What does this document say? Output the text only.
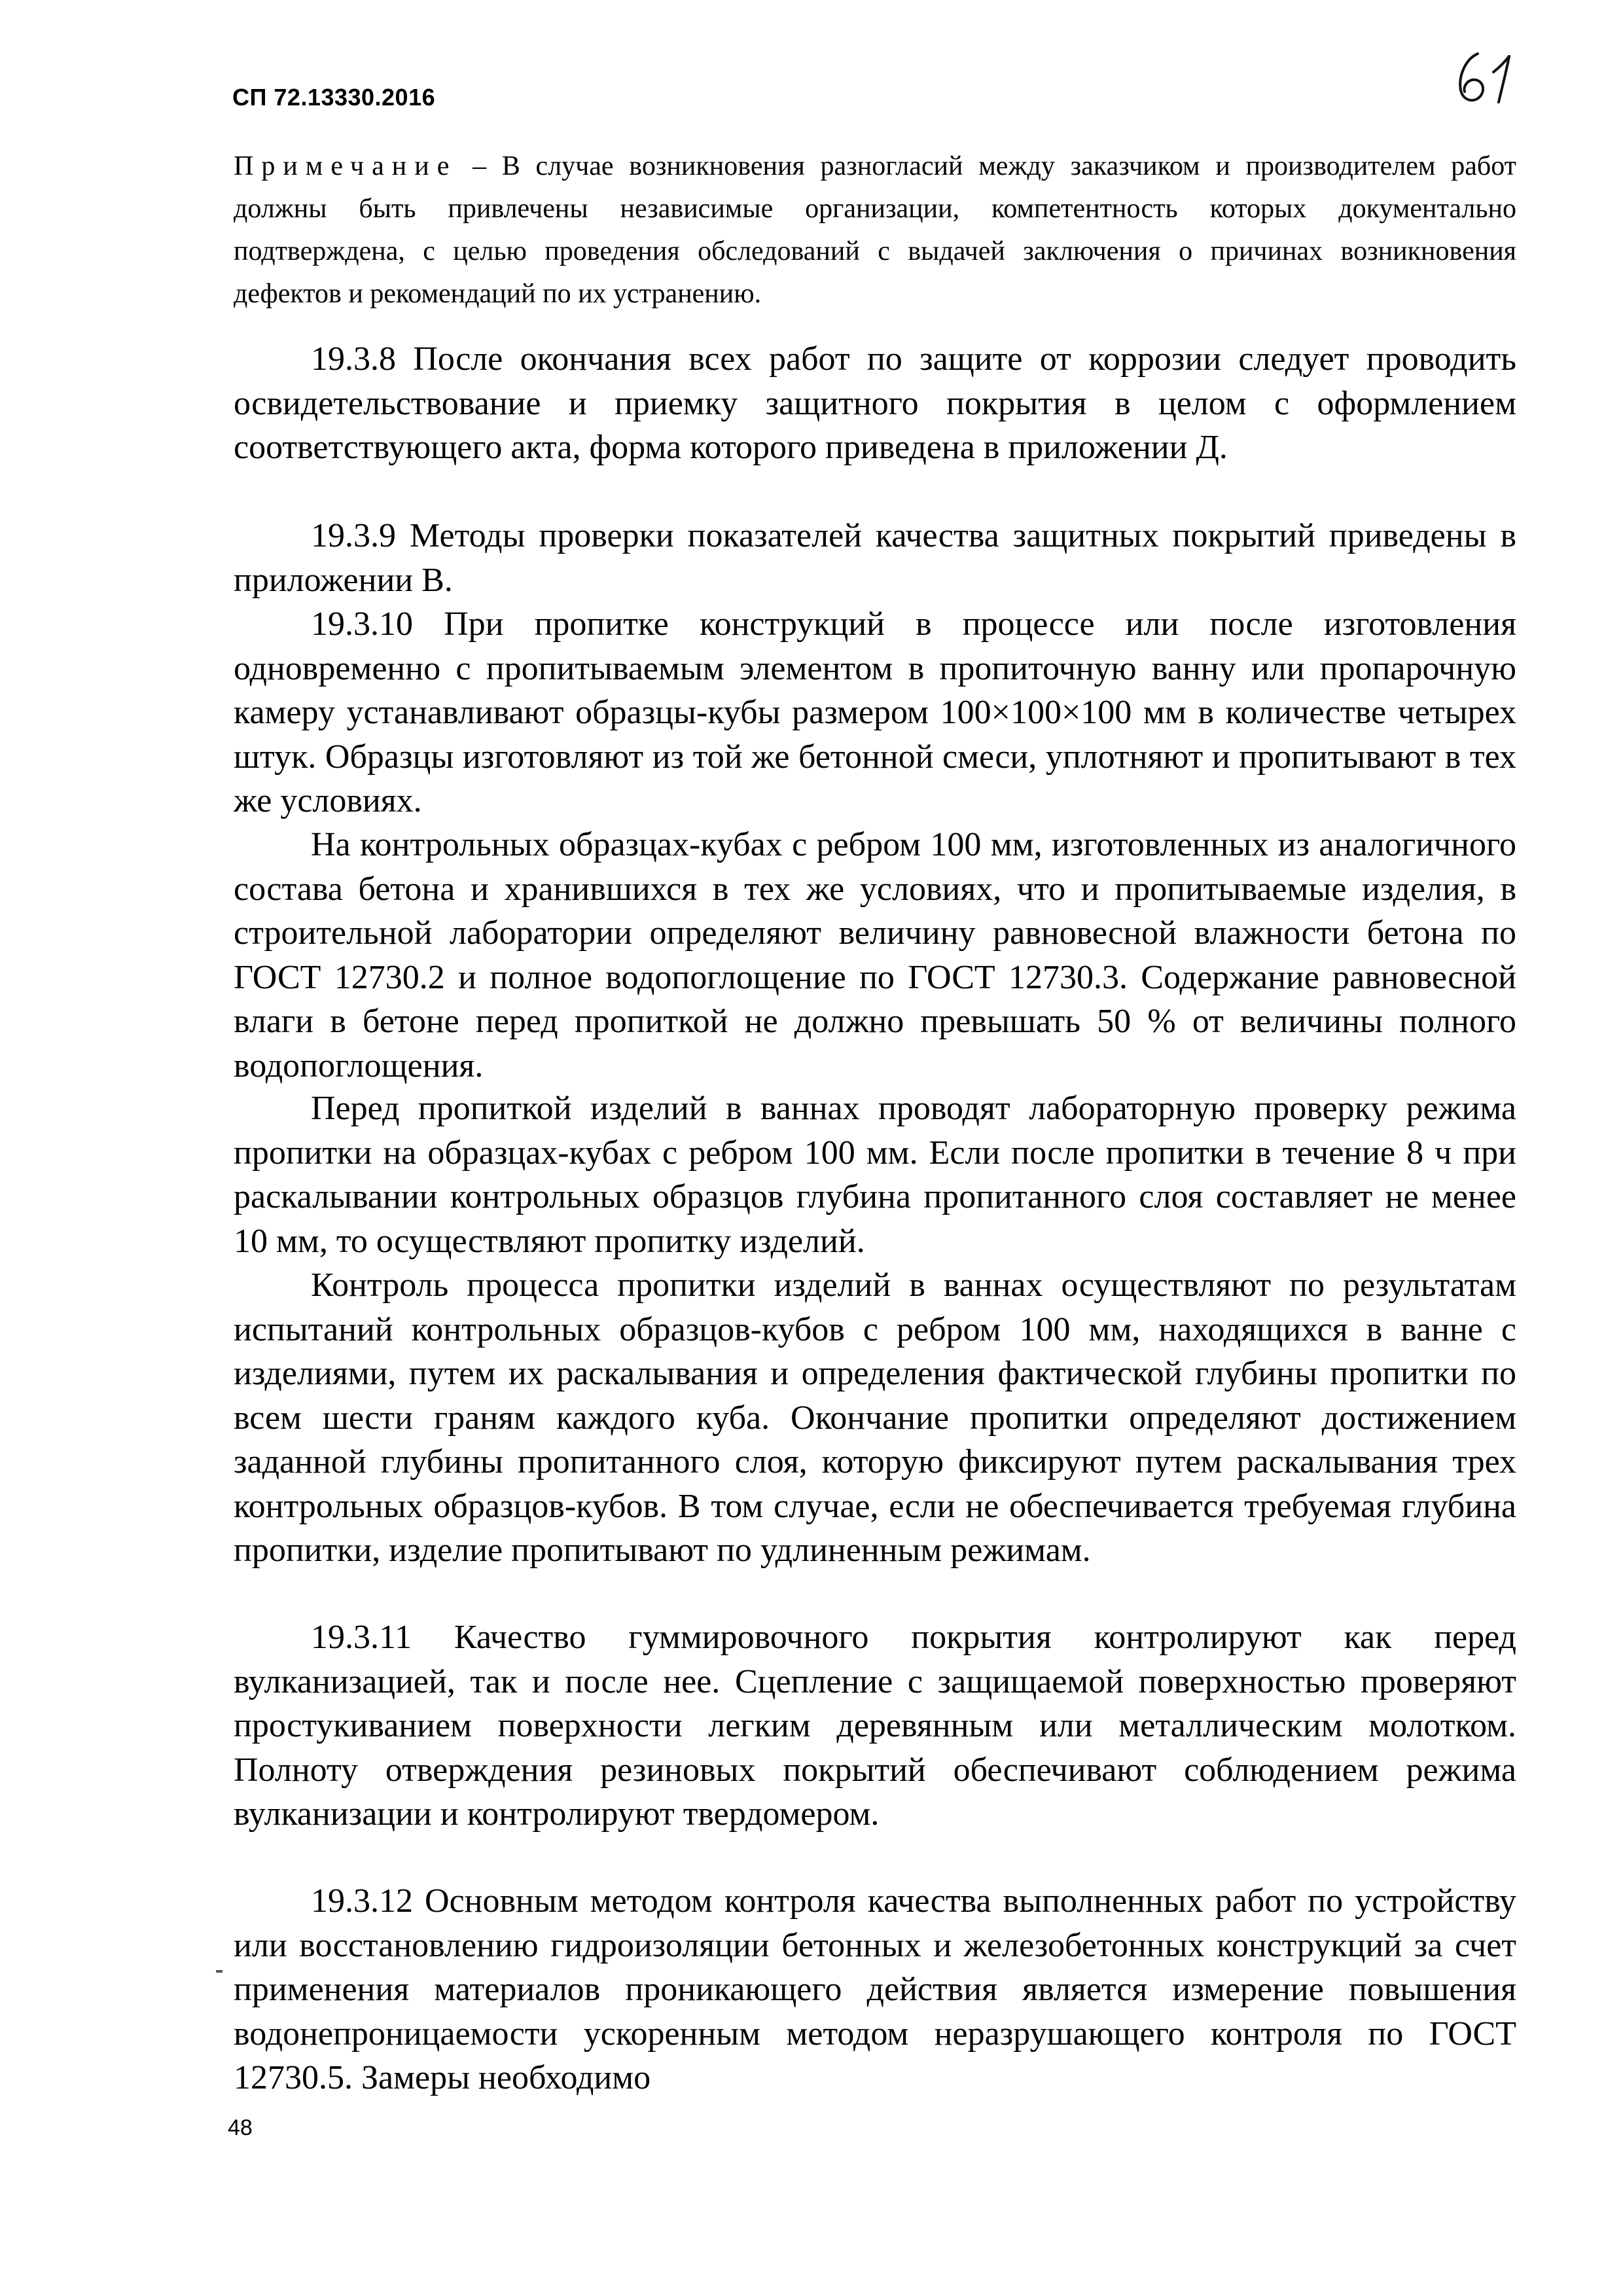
СП 72.13330.2016
Примечание – В случае возникновения разногласий между заказчиком и производителем работ должны быть привлечены независимые организации, компетентность которых документально подтверждена, с целью проведения обследований с выдачей заключения о причинах возникновения дефектов и рекомендаций по их устранению.
19.3.8 После окончания всех работ по защите от коррозии следует проводить освидетельствование и приемку защитного покрытия в целом с оформлением соответствующего акта, форма которого приведена в приложении Д.
19.3.9 Методы проверки показателей качества защитных покрытий приведены в приложении В.
19.3.10 При пропитке конструкций в процессе или после изготовления одновременно с пропитываемым элементом в пропиточную ванну или пропарочную камеру устанавливают образцы-кубы размером 100×100×100 мм в количестве четырех штук. Образцы изготовляют из той же бетонной смеси, уплотняют и пропитывают в тех же условиях.
На контрольных образцах-кубах с ребром 100 мм, изготовленных из аналогичного состава бетона и хранившихся в тех же условиях, что и пропитываемые изделия, в строительной лаборатории определяют величину равновесной влажности бетона по ГОСТ 12730.2 и полное водопоглощение по ГОСТ 12730.3. Содержание равновесной влаги в бетоне перед пропиткой не должно превышать 50 % от величины полного водопоглощения.
Перед пропиткой изделий в ваннах проводят лабораторную проверку режима пропитки на образцах-кубах с ребром 100 мм. Если после пропитки в течение 8 ч при раскалывании контрольных образцов глубина пропитанного слоя составляет не менее 10 мм, то осуществляют пропитку изделий.
Контроль процесса пропитки изделий в ваннах осуществляют по результатам испытаний контрольных образцов-кубов с ребром 100 мм, находящихся в ванне с изделиями, путем их раскалывания и определения фактической глубины пропитки по всем шести граням каждого куба. Окончание пропитки определяют достижением заданной глубины пропитанного слоя, которую фиксируют путем раскалывания трех контрольных образцов-кубов. В том случае, если не обеспечивается требуемая глубина пропитки, изделие пропитывают по удлиненным режимам.
19.3.11 Качество гуммировочного покрытия контролируют как перед вулканизацией, так и после нее. Сцепление с защищаемой поверхностью проверяют простукиванием поверхности легким деревянным или металлическим молотком. Полноту отверждения резиновых покрытий обеспечивают соблюдением режима вулканизации и контролируют твердомером.
19.3.12 Основным методом контроля качества выполненных работ по устройству или восстановлению гидроизоляции бетонных и железобетонных конструкций за счет применения материалов проникающего действия является измерение повышения водонепроницаемости ускоренным методом неразрушающего контроля по ГОСТ 12730.5. Замеры необходимо
48
